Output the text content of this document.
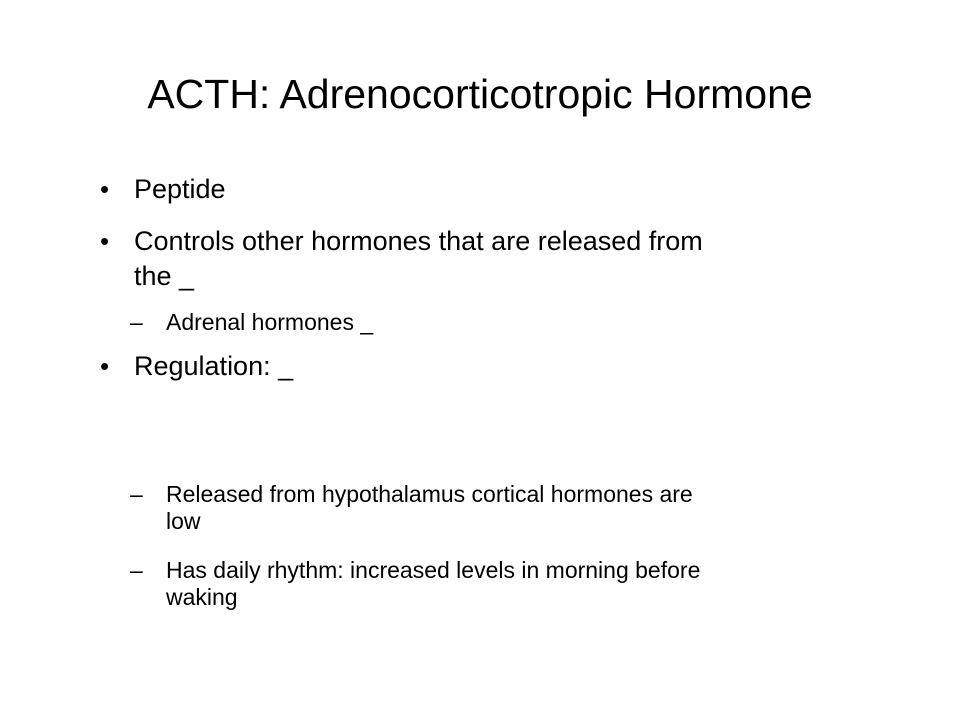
ACTH: Adrenocorticotropic Hormone
• Peptide
• Controls other hormones that are released from
the _
– Adrenal hormones _
• Regulation: _
– Released from hypothalamus cortical hormones are
low
– Has daily rhythm: increased levels in morning before
waking
